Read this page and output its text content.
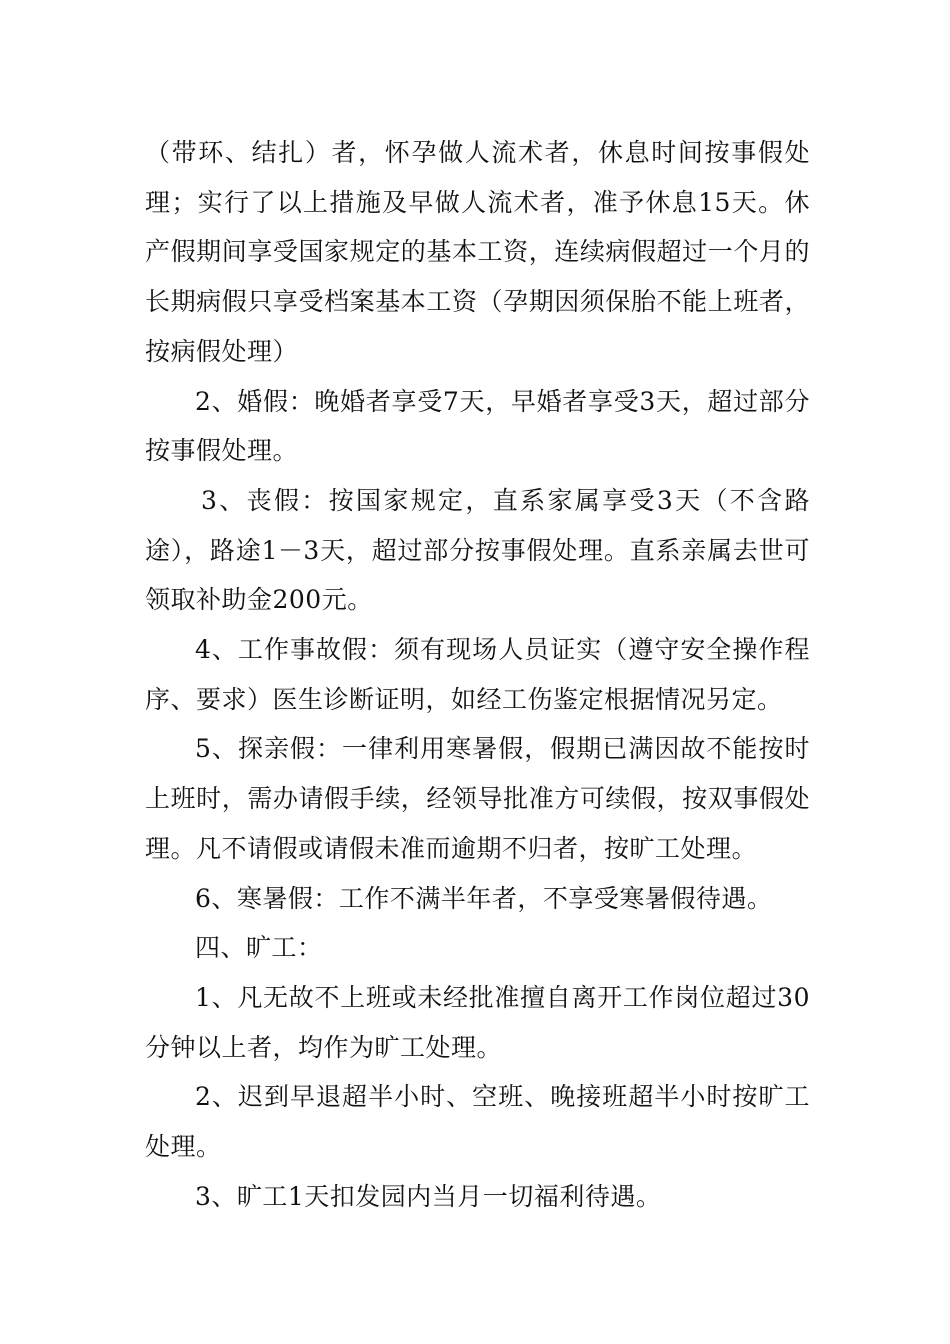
（带环、结扎）者，怀孕做人流术者，休息时间按事假处理；实行了以上措施及早做人流术者，准予休息15天。休产假期间享受国家规定的基本工资，连续病假超过一个月的长期病假只享受档案基本工资（孕期因须保胎不能上班者，按病假处理）

2、婚假：晚婚者享受7天，早婚者享受3天，超过部分按事假处理。

3、丧假：按国家规定，直系家属享受3天（不含路途），路途1－3天，超过部分按事假处理。直系亲属去世可领取补助金200元。

4、工作事故假：须有现场人员证实（遵守安全操作程序、要求）医生诊断证明，如经工伤鉴定根据情况另定。

5、探亲假：一律利用寒暑假，假期已满因故不能按时上班时，需办请假手续，经领导批准方可续假，按双事假处理。凡不请假或请假未准而逾期不归者，按旷工处理。

6、寒暑假：工作不满半年者，不享受寒暑假待遇。

四、旷工：

1、凡无故不上班或未经批准擅自离开工作岗位超过30分钟以上者，均作为旷工处理。

2、迟到早退超半小时、空班、晚接班超半小时按旷工处理。

3、旷工1天扣发园内当月一切福利待遇。
